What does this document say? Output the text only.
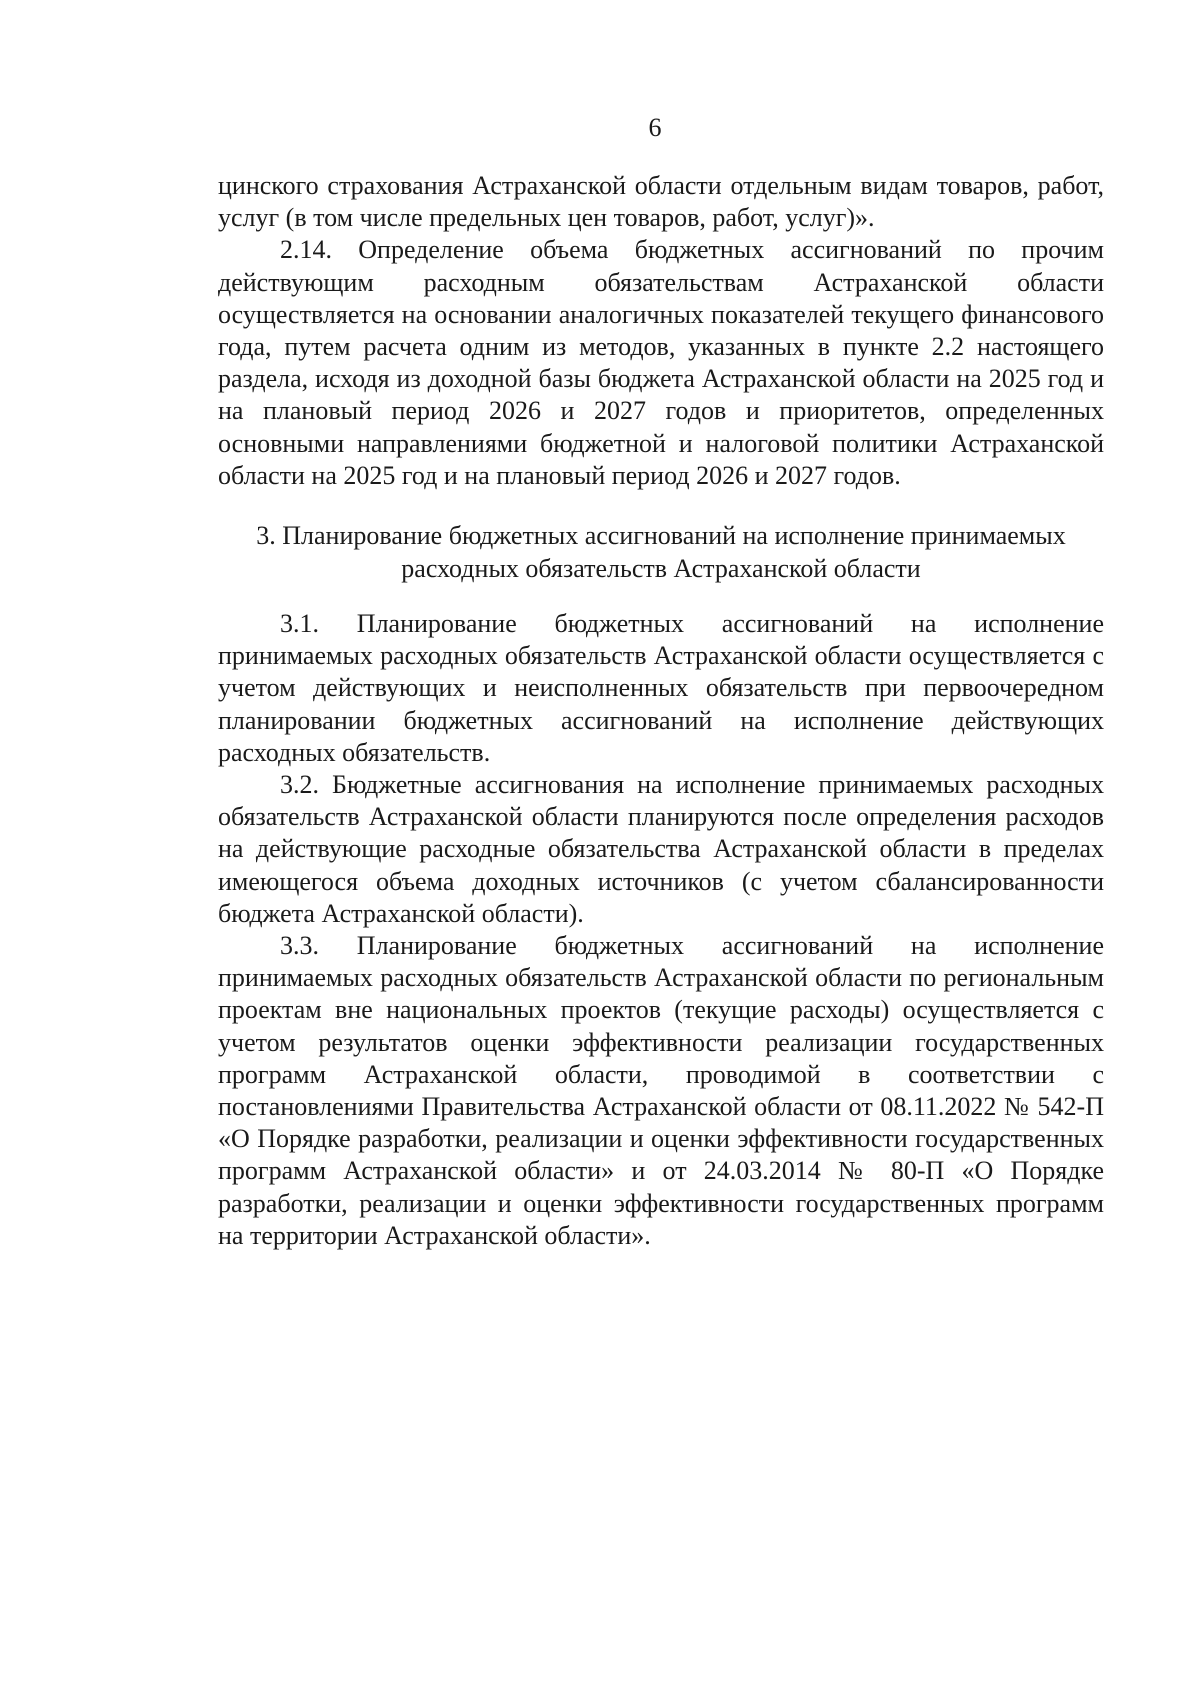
6

цинского страхования Астраханской области отдельным видам товаров, работ, услуг (в том числе предельных цен товаров, работ, услуг)».

2.14. Определение объема бюджетных ассигнований по прочим действующим расходным обязательствам Астраханской области осуществляется на основании аналогичных показателей текущего финансового года, путем расчета одним из методов, указанных в пункте 2.2 настоящего раздела, исходя из доходной базы бюджета Астраханской области на 2025 год и на плановый период 2026 и 2027 годов и приоритетов, определенных основными направлениями бюджетной и налоговой политики Астраханской области на 2025 год и на плановый период 2026 и 2027 годов.

3. Планирование бюджетных ассигнований на исполнение принимаемых расходных обязательств Астраханской области

3.1. Планирование бюджетных ассигнований на исполнение принимаемых расходных обязательств Астраханской области осуществляется с учетом действующих и неисполненных обязательств при первоочередном планировании бюджетных ассигнований на исполнение действующих расходных обязательств.

3.2. Бюджетные ассигнования на исполнение принимаемых расходных обязательств Астраханской области планируются после определения расходов на действующие расходные обязательства Астраханской области в пределах имеющегося объема доходных источников (с учетом сбалансированности бюджета Астраханской области).

3.3. Планирование бюджетных ассигнований на исполнение принимаемых расходных обязательств Астраханской области по региональным проектам вне национальных проектов (текущие расходы) осуществляется с учетом результатов оценки эффективности реализации государственных программ Астраханской области, проводимой в соответствии с постановлениями Правительства Астраханской области от 08.11.2022 № 542-П «О Порядке разработки, реализации и оценки эффективности государственных программ Астраханской области» и от 24.03.2014 № 80-П «О Порядке разработки, реализации и оценки эффективности государственных программ на территории Астраханской области».
